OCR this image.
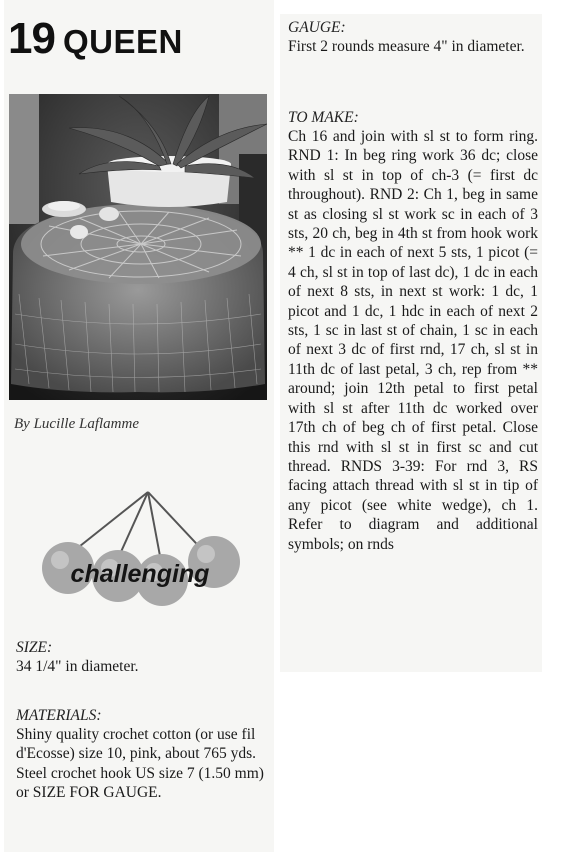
19 QUEEN
By Lucille Laflamme
challenging

SIZE:

34 1/4" in diameter.

MATERIALS:

Shiny quality crochet cotton (or use fil d'Ecosse) size 10, pink, about 765 yds. Steel crochet hook US size 7 (1.50 mm) or SIZE FOR GAUGE.

GAUGE:

First 2 rounds measure 4" in diameter.

TO MAKE:

Ch 16 and join with sl st to form ring. RND 1: In beg ring work 36 dc; close with sl st in top of ch-3 (= first dc throughout). RND 2: Ch 1, beg in same st as closing sl st work sc in each of 3 sts, 20 ch, beg in 4th st from hook work ** 1 dc in each of next 5 sts, 1 picot (= 4 ch, sl st in top of last dc), 1 dc in each of next 8 sts, in next st work: 1 dc, 1 picot and 1 dc, 1 hdc in each of next 2 sts, 1 sc in last st of chain, 1 sc in each of next 3 dc of first rnd, 17 ch, sl st in 11th dc of last petal, 3 ch, rep from ** around; join 12th petal to first petal with sl st after 11th dc worked over 17th ch of beg ch of first petal. Close this rnd with sl st in first sc and cut thread. RNDS 3-39: For rnd 3, RS facing attach thread with sl st in tip of any picot (see white wedge), ch 1. Refer to diagram and additional symbols; on rnds
